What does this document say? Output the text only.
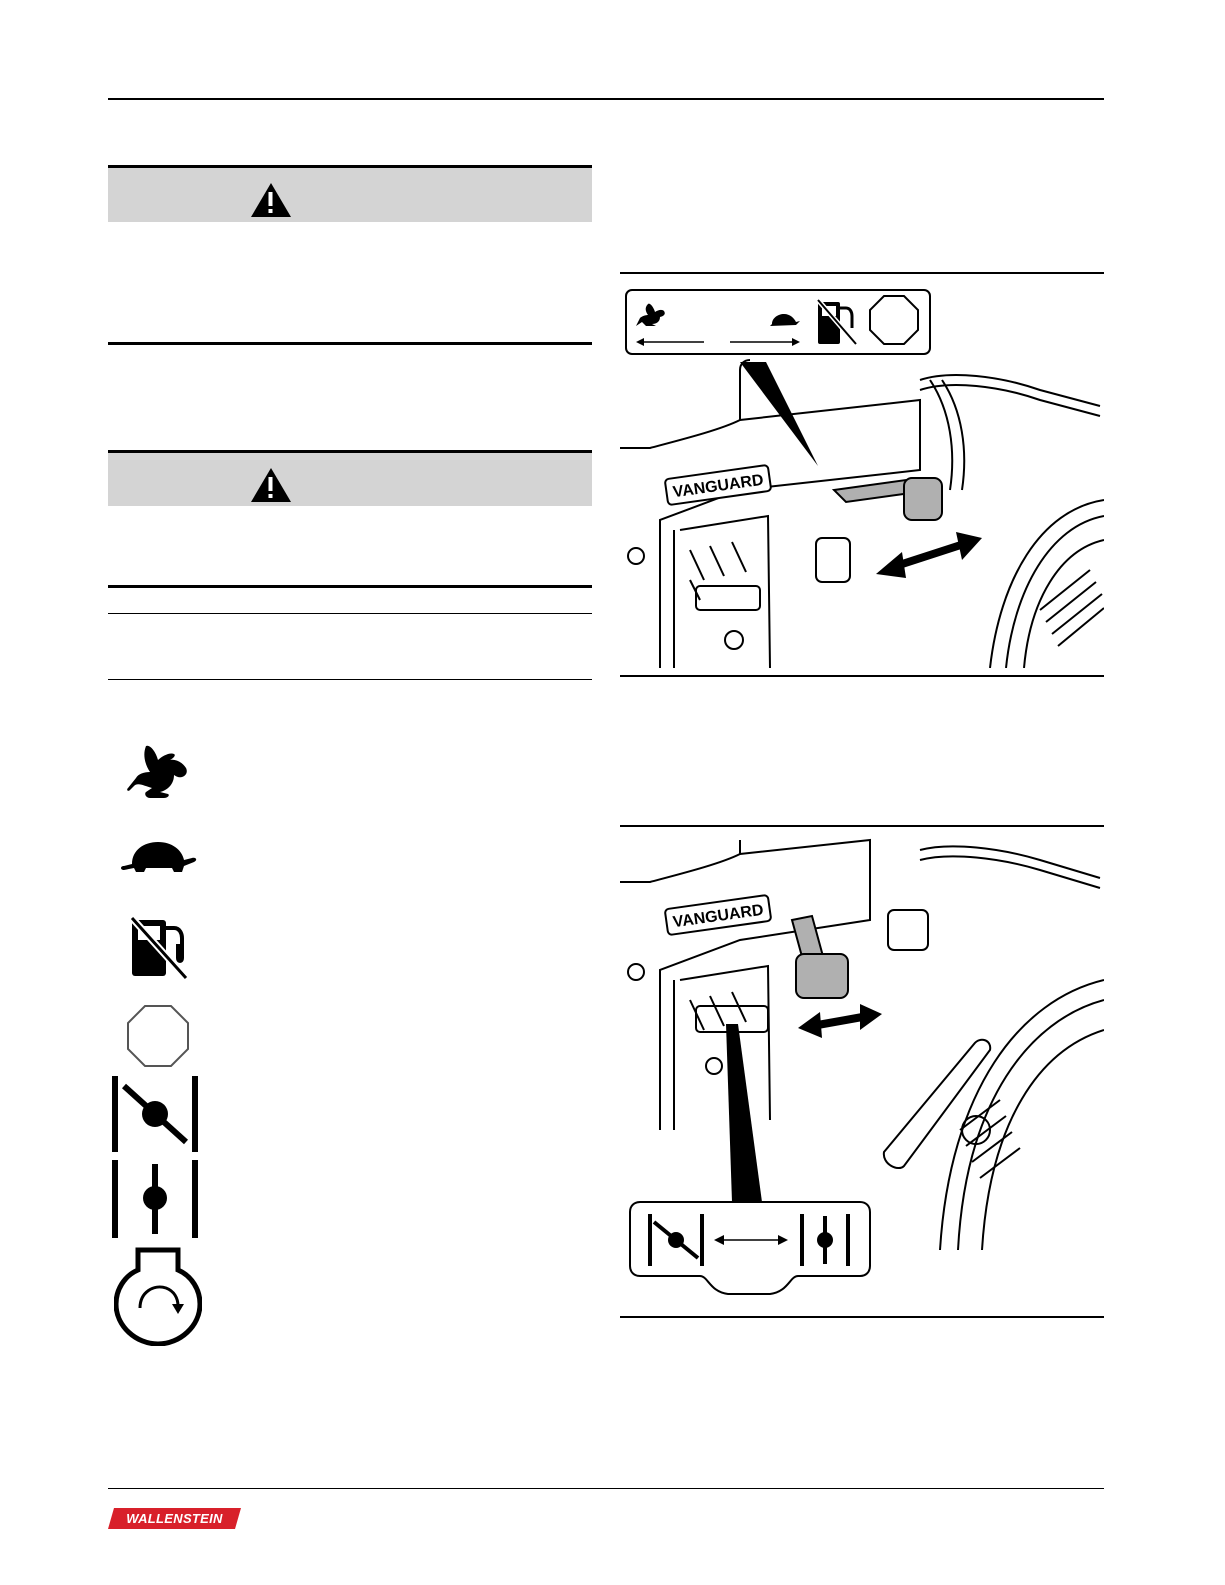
VANGUARD
VANGUARD
WALLENSTEIN
